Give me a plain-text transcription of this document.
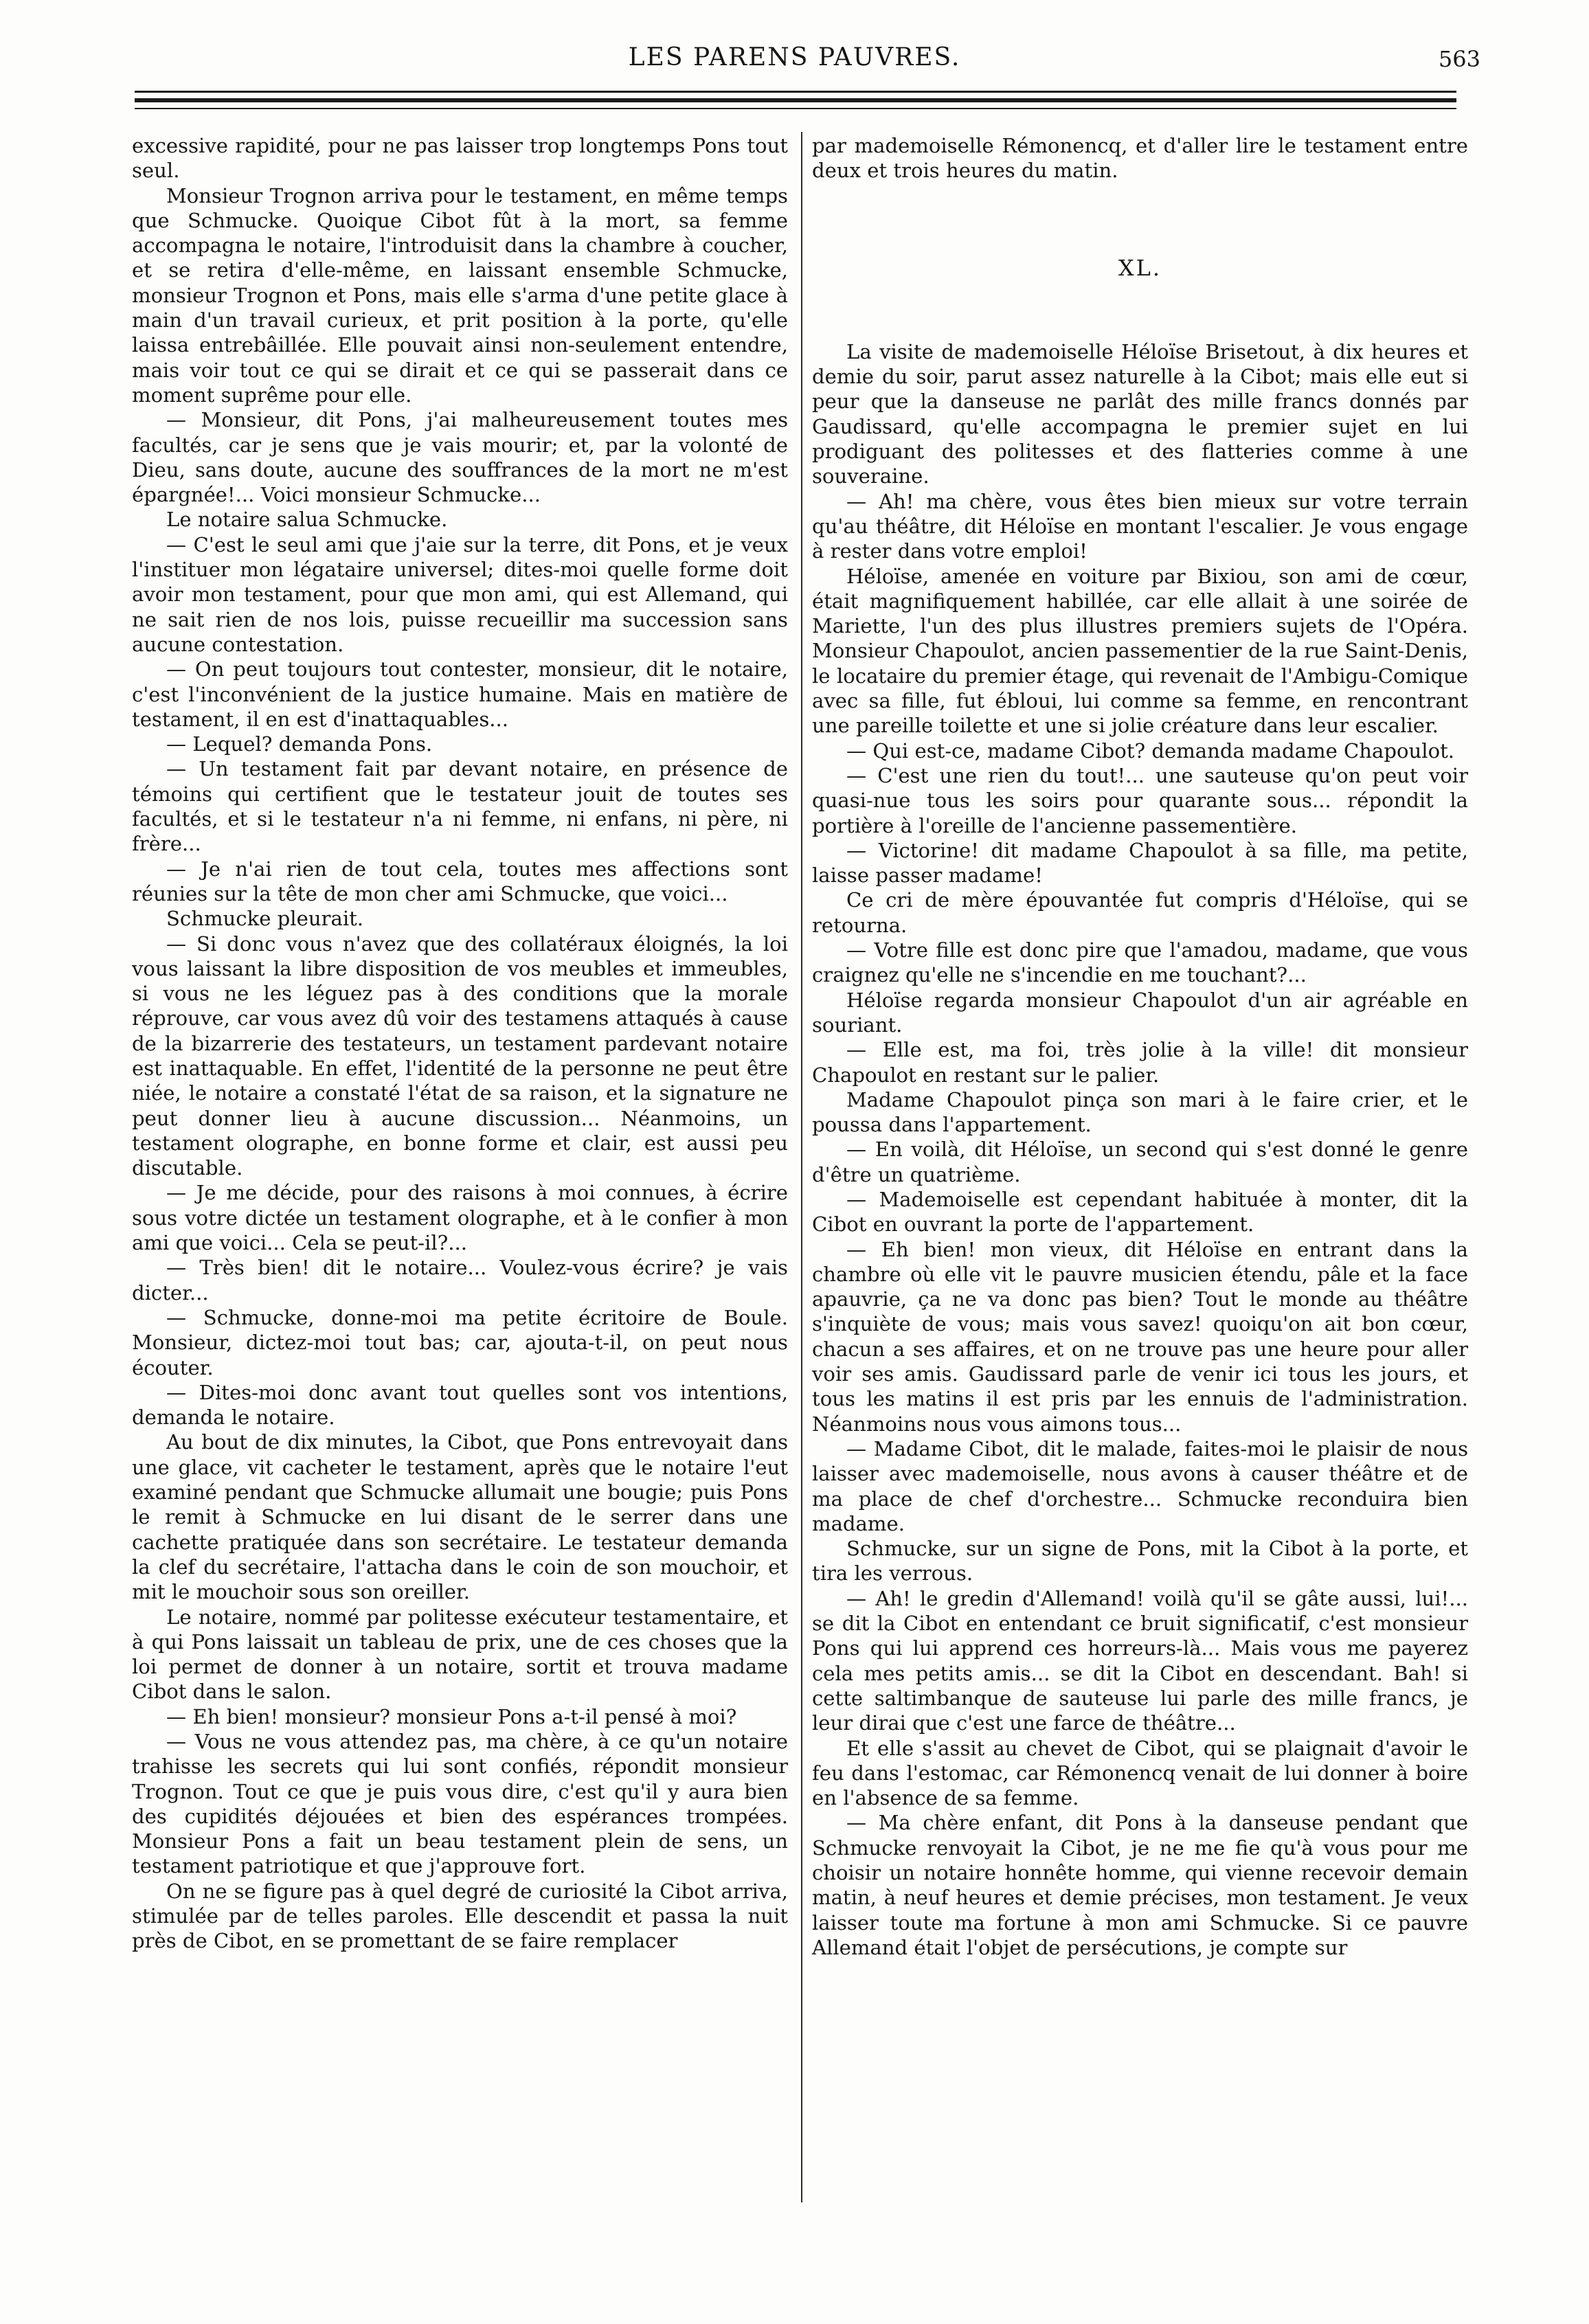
LES PARENS PAUVRES.	563

excessive rapidité, pour ne pas laisser trop longtemps Pons tout seul.

Monsieur Trognon arriva pour le testament, en même temps que Schmucke. Quoique Cibot fût à la mort, sa femme accompagna le notaire, l'introduisit dans la chambre à coucher, et se retira d'elle-même, en laissant ensemble Schmucke, monsieur Trognon et Pons, mais elle s'arma d'une petite glace à main d'un travail curieux, et prit position à la porte, qu'elle laissa entrebâillée. Elle pouvait ainsi non-seulement entendre, mais voir tout ce qui se dirait et ce qui se passerait dans ce moment suprême pour elle.

— Monsieur, dit Pons, j'ai malheureusement toutes mes facultés, car je sens que je vais mourir; et, par la volonté de Dieu, sans doute, aucune des souffrances de la mort ne m'est épargnée!... Voici monsieur Schmucke...

Le notaire salua Schmucke.

— C'est le seul ami que j'aie sur la terre, dit Pons, et je veux l'instituer mon légataire universel; dites-moi quelle forme doit avoir mon testament, pour que mon ami, qui est Allemand, qui ne sait rien de nos lois, puisse recueillir ma succession sans aucune contestation.

— On peut toujours tout contester, monsieur, dit le notaire, c'est l'inconvénient de la justice humaine. Mais en matière de testament, il en est d'inattaquables...

— Lequel? demanda Pons.

— Un testament fait par devant notaire, en présence de témoins qui certifient que le testateur jouit de toutes ses facultés, et si le testateur n'a ni femme, ni enfans, ni père, ni frère...

— Je n'ai rien de tout cela, toutes mes affections sont réunies sur la tête de mon cher ami Schmucke, que voici...

Schmucke pleurait.

— Si donc vous n'avez que des collatéraux éloignés, la loi vous laissant la libre disposition de vos meubles et immeubles, si vous ne les léguez pas à des conditions que la morale réprouve, car vous avez dû voir des testamens attaqués à cause de la bizarrerie des testateurs, un testament pardevant notaire est inattaquable. En effet, l'identité de la personne ne peut être niée, le notaire a constaté l'état de sa raison, et la signature ne peut donner lieu à aucune discussion... Néanmoins, un testament olographe, en bonne forme et clair, est aussi peu discutable.

— Je me décide, pour des raisons à moi connues, à écrire sous votre dictée un testament olographe, et à le confier à mon ami que voici... Cela se peut-il?...

— Très bien! dit le notaire... Voulez-vous écrire? je vais dicter...

— Schmucke, donne-moi ma petite écritoire de Boule. Monsieur, dictez-moi tout bas; car, ajouta-t-il, on peut nous écouter.

— Dites-moi donc avant tout quelles sont vos intentions, demanda le notaire.

Au bout de dix minutes, la Cibot, que Pons entrevoyait dans une glace, vit cacheter le testament, après que le notaire l'eut examiné pendant que Schmucke allumait une bougie; puis Pons le remit à Schmucke en lui disant de le serrer dans une cachette pratiquée dans son secrétaire. Le testateur demanda la clef du secrétaire, l'attacha dans le coin de son mouchoir, et mit le mouchoir sous son oreiller.

Le notaire, nommé par politesse exécuteur testamentaire, et à qui Pons laissait un tableau de prix, une de ces choses que la loi permet de donner à un notaire, sortit et trouva madame Cibot dans le salon.

— Eh bien! monsieur? monsieur Pons a-t-il pensé à moi?

— Vous ne vous attendez pas, ma chère, à ce qu'un notaire trahisse les secrets qui lui sont confiés, répondit monsieur Trognon. Tout ce que je puis vous dire, c'est qu'il y aura bien des cupidités déjouées et bien des espérances trompées. Monsieur Pons a fait un beau testament plein de sens, un testament patriotique et que j'approuve fort.

On ne se figure pas à quel degré de curiosité la Cibot arriva, stimulée par de telles paroles. Elle descendit et passa la nuit près de Cibot, en se promettant de se faire remplacer

par mademoiselle Rémonencq, et d'aller lire le testament entre deux et trois heures du matin.

XL.

La visite de mademoiselle Héloïse Brisetout, à dix heures et demie du soir, parut assez naturelle à la Cibot; mais elle eut si peur que la danseuse ne parlât des mille francs donnés par Gaudissard, qu'elle accompagna le premier sujet en lui prodiguant des politesses et des flatteries comme à une souveraine.

— Ah! ma chère, vous êtes bien mieux sur votre terrain qu'au théâtre, dit Héloïse en montant l'escalier. Je vous engage à rester dans votre emploi!

Héloïse, amenée en voiture par Bixiou, son ami de cœur, était magnifiquement habillée, car elle allait à une soirée de Mariette, l'un des plus illustres premiers sujets de l'Opéra. Monsieur Chapoulot, ancien passementier de la rue Saint-Denis, le locataire du premier étage, qui revenait de l'Ambigu-Comique avec sa fille, fut ébloui, lui comme sa femme, en rencontrant une pareille toilette et une si jolie créature dans leur escalier.

— Qui est-ce, madame Cibot? demanda madame Chapoulot.

— C'est une rien du tout!... une sauteuse qu'on peut voir quasi-nue tous les soirs pour quarante sous... répondit la portière à l'oreille de l'ancienne passementière.

— Victorine! dit madame Chapoulot à sa fille, ma petite, laisse passer madame!

Ce cri de mère épouvantée fut compris d'Héloïse, qui se retourna.

— Votre fille est donc pire que l'amadou, madame, que vous craignez qu'elle ne s'incendie en me touchant?...

Héloïse regarda monsieur Chapoulot d'un air agréable en souriant.

— Elle est, ma foi, très jolie à la ville! dit monsieur Chapoulot en restant sur le palier.

Madame Chapoulot pinça son mari à le faire crier, et le poussa dans l'appartement.

— En voilà, dit Héloïse, un second qui s'est donné le genre d'être un quatrième.

— Mademoiselle est cependant habituée à monter, dit la Cibot en ouvrant la porte de l'appartement.

— Eh bien! mon vieux, dit Héloïse en entrant dans la chambre où elle vit le pauvre musicien étendu, pâle et la face apauvrie, ça ne va donc pas bien? Tout le monde au théâtre s'inquiète de vous; mais vous savez! quoiqu'on ait bon cœur, chacun a ses affaires, et on ne trouve pas une heure pour aller voir ses amis. Gaudissard parle de venir ici tous les jours, et tous les matins il est pris par les ennuis de l'administration. Néanmoins nous vous aimons tous...

— Madame Cibot, dit le malade, faites-moi le plaisir de nous laisser avec mademoiselle, nous avons à causer théâtre et de ma place de chef d'orchestre... Schmucke reconduira bien madame.

Schmucke, sur un signe de Pons, mit la Cibot à la porte, et tira les verrous.

— Ah! le gredin d'Allemand! voilà qu'il se gâte aussi, lui!... se dit la Cibot en entendant ce bruit significatif, c'est monsieur Pons qui lui apprend ces horreurs-là... Mais vous me payerez cela mes petits amis... se dit la Cibot en descendant. Bah! si cette saltimbanque de sauteuse lui parle des mille francs, je leur dirai que c'est une farce de théâtre...

Et elle s'assit au chevet de Cibot, qui se plaignait d'avoir le feu dans l'estomac, car Rémonencq venait de lui donner à boire en l'absence de sa femme.

— Ma chère enfant, dit Pons à la danseuse pendant que Schmucke renvoyait la Cibot, je ne me fie qu'à vous pour me choisir un notaire honnête homme, qui vienne recevoir demain matin, à neuf heures et demie précises, mon testament. Je veux laisser toute ma fortune à mon ami Schmucke. Si ce pauvre Allemand était l'objet de persécutions, je compte sur
